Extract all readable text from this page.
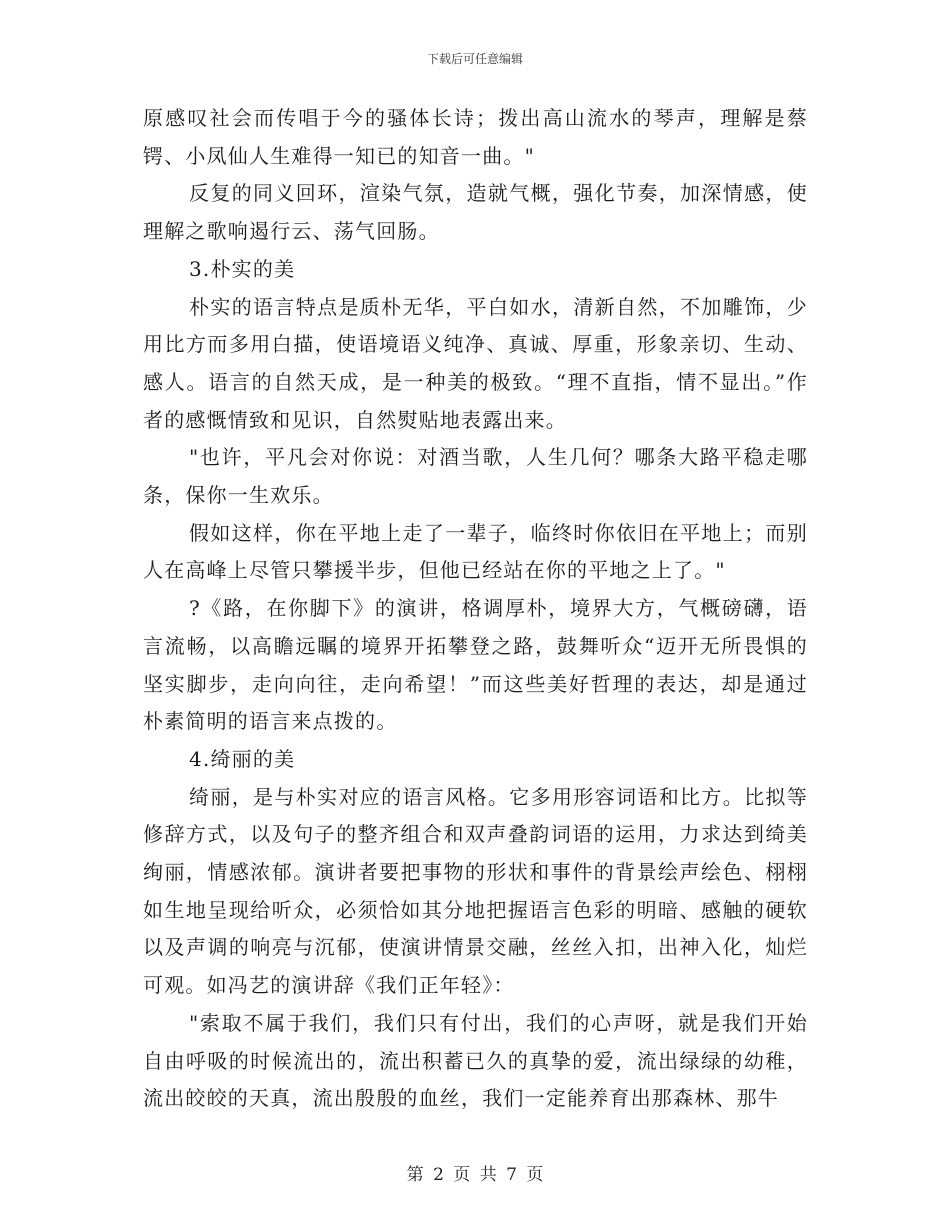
下载后可任意编辑

原感叹社会而传唱于今的骚体长诗；拨出高山流水的琴声，理解是蔡锷、小凤仙人生难得一知已的知音一曲。"

反复的同义回环，渲染气氛，造就气概，强化节奏，加深情感，使理解之歌响遏行云、荡气回肠。

3.朴实的美

朴实的语言特点是质朴无华，平白如水，清新自然，不加雕饰，少用比方而多用白描，使语境语义纯净、真诚、厚重，形象亲切、生动、感人。语言的自然天成，是一种美的极致。“理不直指，情不显出。”作者的感慨情致和见识，自然熨贴地表露出来。

"也许，平凡会对你说：对酒当歌，人生几何？哪条大路平稳走哪条，保你一生欢乐。

假如这样，你在平地上走了一辈子，临终时你依旧在平地上；而别人在高峰上尽管只攀援半步，但他已经站在你的平地之上了。"

?《路，在你脚下》的演讲，格调厚朴，境界大方，气概磅礴，语言流畅，以高瞻远瞩的境界开拓攀登之路，鼓舞听众“迈开无所畏惧的坚实脚步，走向向往，走向希望！”而这些美好哲理的表达，却是通过朴素简明的语言来点拨的。

4.绮丽的美

绮丽，是与朴实对应的语言风格。它多用形容词语和比方。比拟等修辞方式，以及句子的整齐组合和双声叠韵词语的运用，力求达到绮美绚丽，情感浓郁。演讲者要把事物的形状和事件的背景绘声绘色、栩栩如生地呈现给听众，必须恰如其分地把握语言色彩的明暗、感触的硬软以及声调的响亮与沉郁，使演讲情景交融，丝丝入扣，出神入化，灿烂可观。如冯艺的演讲辞《我们正年轻》：

"索取不属于我们，我们只有付出，我们的心声呀，就是我们开始自由呼吸的时候流出的，流出积蓄已久的真挚的爱，流出绿绿的幼稚，流出皎皎的天真，流出殷殷的血丝，我们一定能养育出那森林、那牛

第 2 页 共 7 页
